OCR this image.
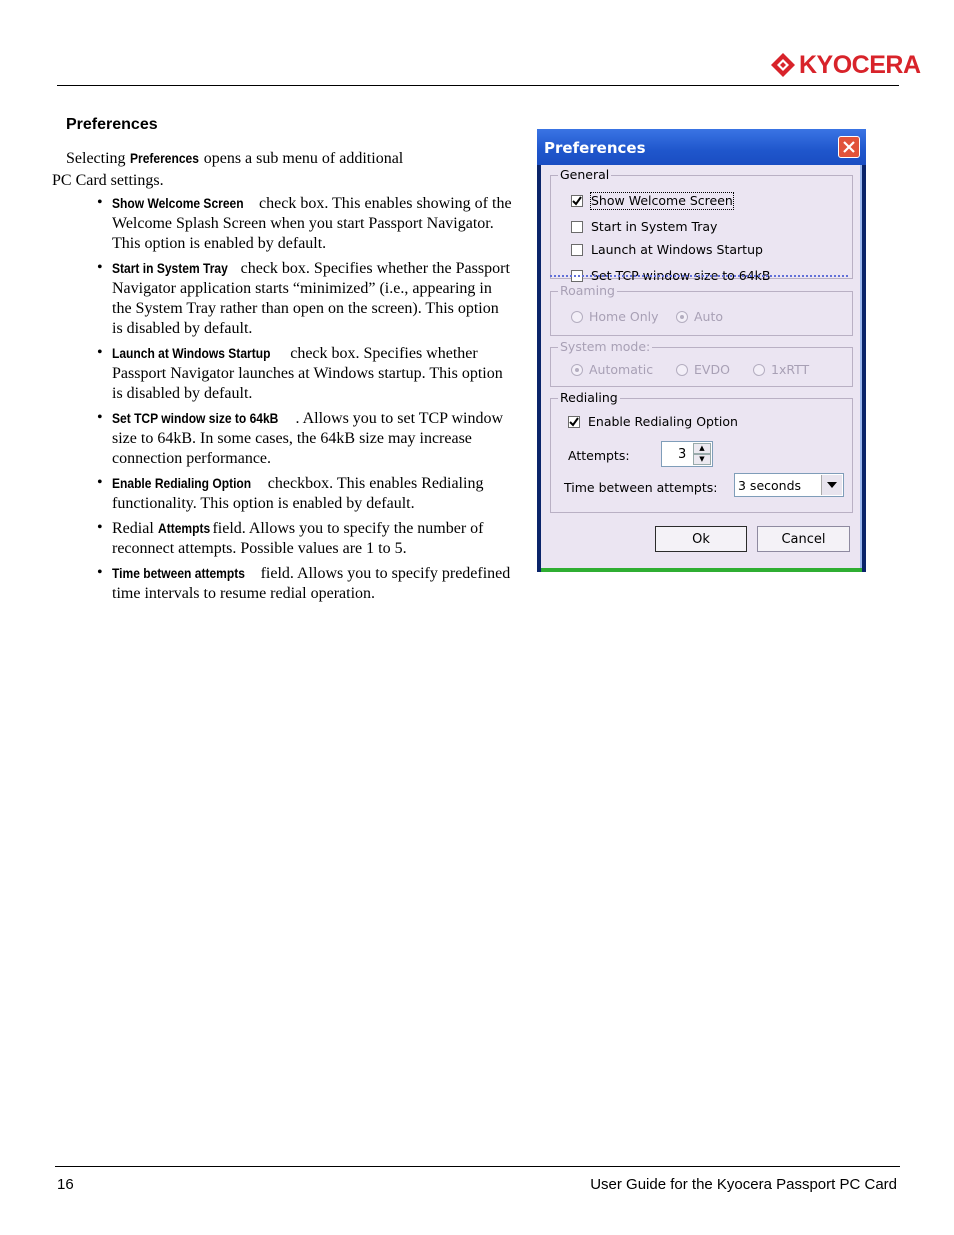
KYOCERA
Preferences

Selecting Preferences opens a sub menu of additional
PC Card settings.

• Show Welcome Screen check box. This enables showing of the Welcome Splash Screen when you start Passport Navigator. This option is enabled by default.
• Start in System Tray check box. Specifies whether the Passport Navigator application starts “minimized” (i.e., appearing in the System Tray rather than open on the screen). This option is disabled by default.
• Launch at Windows Startup check box. Specifies whether Passport Navigator launches at Windows startup. This option is disabled by default.
• Set TCP window size to 64kB . Allows you to set TCP window size to 64kB. In some cases, the 64kB size may increase connection performance.
• Enable Redialing Option checkbox. This enables Redialing functionality. This option is enabled by default.
• Redial Attempts field. Allows you to specify the number of reconnect attempts. Possible values are 1 to 5.
• Time between attempts field. Allows you to specify predefined time intervals to resume redial operation.
Preferences
General
Show Welcome Screen
Start in System Tray
Launch at Windows Startup
Set TCP window size to 64kB
Roaming
Home Only	Auto
System mode:
Automatic	EVDO	1xRTT
Redialing
Enable Redialing Option
Attempts:	3	▲
▼
Time between attempts: 3 seconds
Ok	Cancel
16	User Guide for the Kyocera Passport PC Card
